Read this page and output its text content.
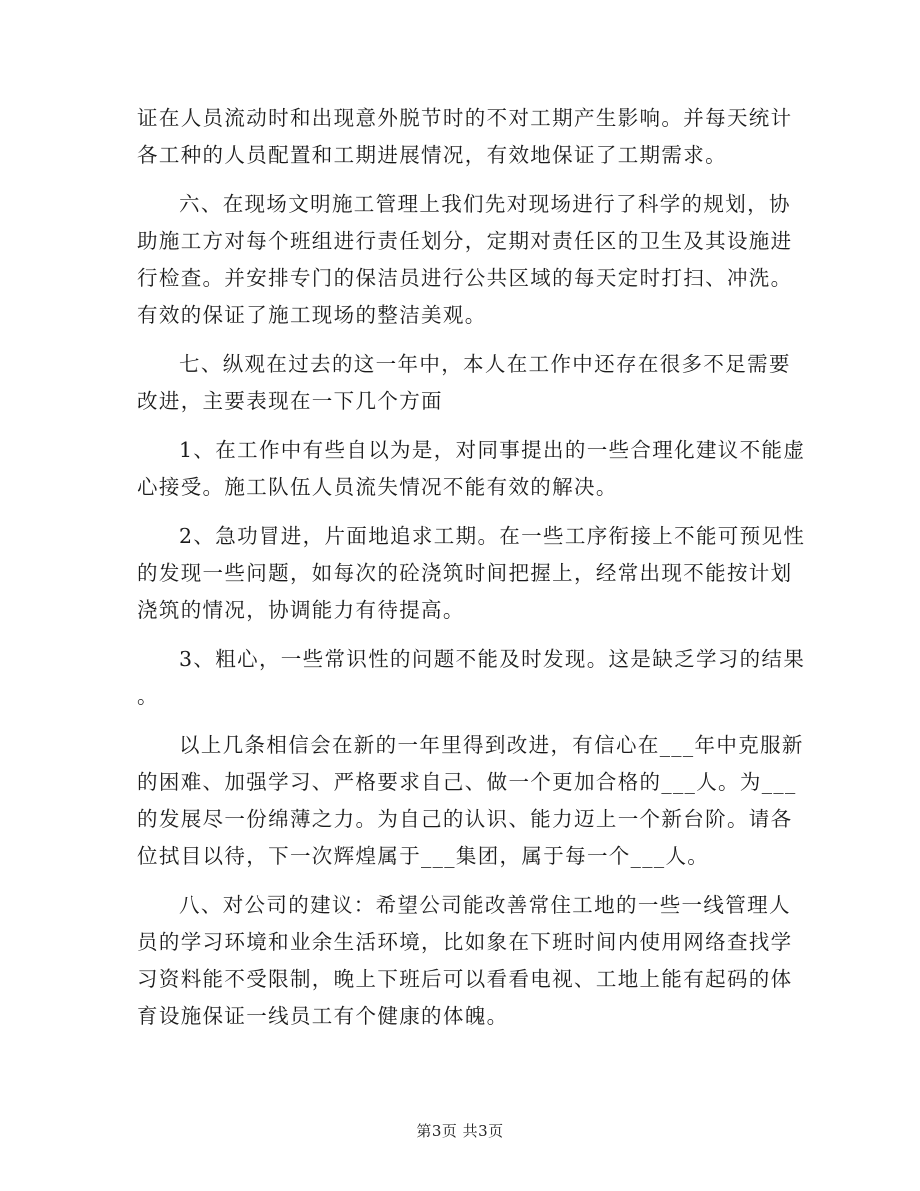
证在人员流动时和出现意外脱节时的不对工期产生影响。并每天统计
各工种的人员配置和工期进展情况，有效地保证了工期需求。
六、在现场文明施工管理上我们先对现场进行了科学的规划，协
助施工方对每个班组进行责任划分，定期对责任区的卫生及其设施进
行检查。并安排专门的保洁员进行公共区域的每天定时打扫、冲洗。
有效的保证了施工现场的整洁美观。
七、纵观在过去的这一年中，本人在工作中还存在很多不足需要
改进，主要表现在一下几个方面
1、在工作中有些自以为是，对同事提出的一些合理化建议不能虚
心接受。施工队伍人员流失情况不能有效的解决。
2、急功冒进，片面地追求工期。在一些工序衔接上不能可预见性
的发现一些问题，如每次的砼浇筑时间把握上，经常出现不能按计划
浇筑的情况，协调能力有待提高。
3、粗心，一些常识性的问题不能及时发现。这是缺乏学习的结果
。
以上几条相信会在新的一年里得到改进，有信心在___年中克服新
的困难、加强学习、严格要求自己、做一个更加合格的___人。为___
的发展尽一份绵薄之力。为自己的认识、能力迈上一个新台阶。请各
位拭目以待，下一次辉煌属于___集团，属于每一个___人。
八、对公司的建议：希望公司能改善常住工地的一些一线管理人
员的学习环境和业余生活环境，比如象在下班时间内使用网络查找学
习资料能不受限制，晚上下班后可以看看电视、工地上能有起码的体
育设施保证一线员工有个健康的体魄。
第3页 共3页
